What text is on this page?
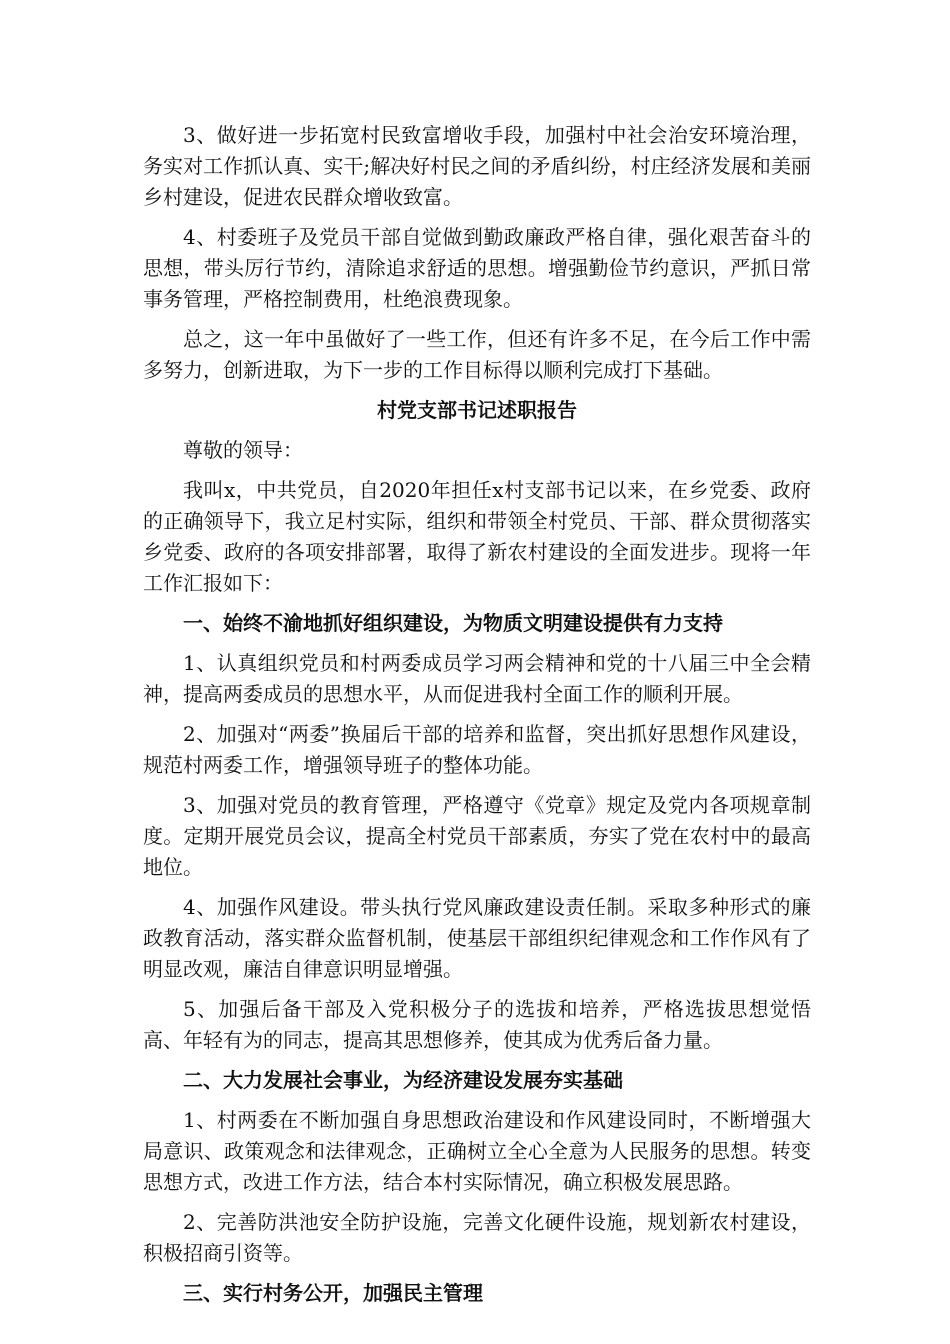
3、做好进一步拓宽村民致富增收手段，加强村中社会治安环境治理，务实对工作抓认真、实干;解决好村民之间的矛盾纠纷，村庄经济发展和美丽乡村建设，促进农民群众增收致富。

4、村委班子及党员干部自觉做到勤政廉政严格自律，强化艰苦奋斗的思想，带头厉行节约，清除追求舒适的思想。增强勤俭节约意识，严抓日常事务管理，严格控制费用，杜绝浪费现象。

总之，这一年中虽做好了一些工作，但还有许多不足，在今后工作中需多努力，创新进取，为下一步的工作目标得以顺利完成打下基础。

村党支部书记述职报告

尊敬的领导：

我叫x，中共党员，自2020年担任x村支部书记以来，在乡党委、政府的正确领导下，我立足村实际，组织和带领全村党员、干部、群众贯彻落实乡党委、政府的各项安排部署，取得了新农村建设的全面发进步。现将一年工作汇报如下：

一、始终不渝地抓好组织建设，为物质文明建设提供有力支持

1、认真组织党员和村两委成员学习两会精神和党的十八届三中全会精神，提高两委成员的思想水平，从而促进我村全面工作的顺利开展。

2、加强对“两委”换届后干部的培养和监督，突出抓好思想作风建设，规范村两委工作，增强领导班子的整体功能。

3、加强对党员的教育管理，严格遵守《党章》规定及党内各项规章制度。定期开展党员会议，提高全村党员干部素质，夯实了党在农村中的最高地位。

4、加强作风建设。带头执行党风廉政建设责任制。采取多种形式的廉政教育活动，落实群众监督机制，使基层干部组织纪律观念和工作作风有了明显改观，廉洁自律意识明显增强。

5、加强后备干部及入党积极分子的选拔和培养，严格选拔思想觉悟高、年轻有为的同志，提高其思想修养，使其成为优秀后备力量。

二、大力发展社会事业，为经济建设发展夯实基础

1、村两委在不断加强自身思想政治建设和作风建设同时，不断增强大局意识、政策观念和法律观念，正确树立全心全意为人民服务的思想。转变思想方式，改进工作方法，结合本村实际情况，确立积极发展思路。

2、完善防洪池安全防护设施，完善文化硬件设施，规划新农村建设，积极招商引资等。

三、实行村务公开，加强民主管理
